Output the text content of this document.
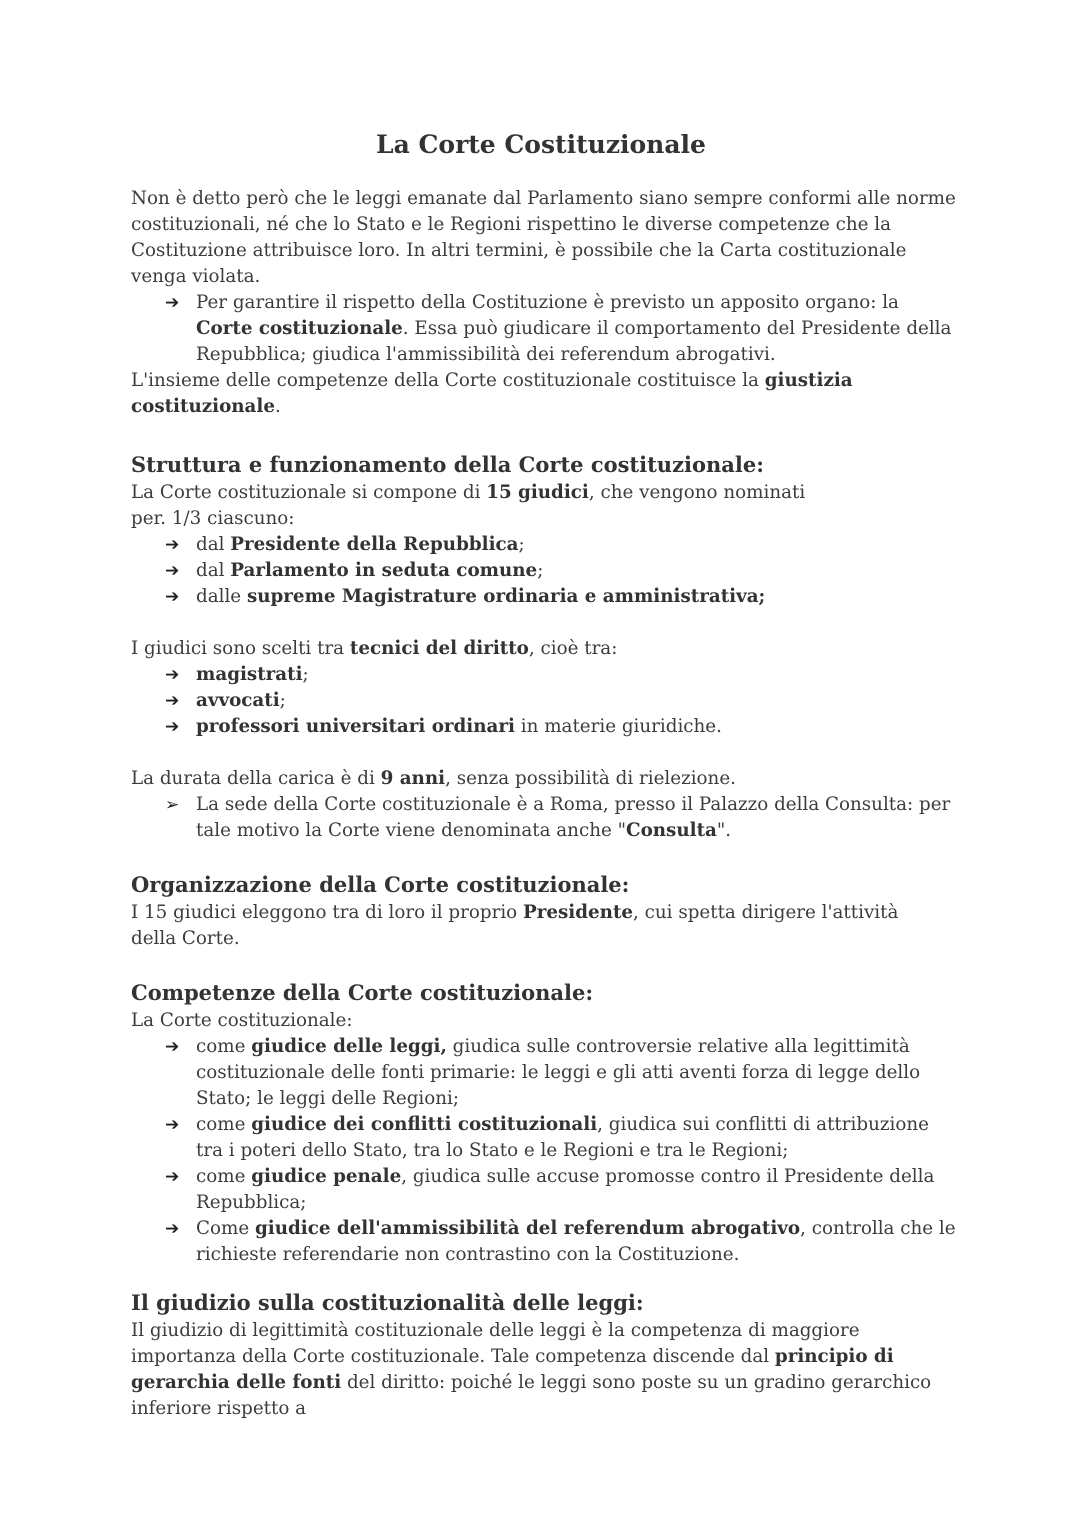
La Corte Costituzionale

Non è detto però che le leggi emanate dal Parlamento siano sempre conformi alle norme costituzionali, né che lo Stato e le Regioni rispettino le diverse competenze che la Costituzione attribuisce loro. In altri termini, è possibile che la Carta costituzionale venga violata.

➔ Per garantire il rispetto della Costituzione è previsto un apposito organo: la Corte costituzionale. Essa può giudicare il comportamento del Presidente della Repubblica; giudica l'ammissibilità dei referendum abrogativi.

L'insieme delle competenze della Corte costituzionale costituisce la giustizia costituzionale.

Struttura e funzionamento della Corte costituzionale:

La Corte costituzionale si compone di 15 giudici, che vengono nominati per. 1/3 ciascuno:

➔ dal Presidente della Repubblica;
➔ dal Parlamento in seduta comune;
➔ dalle supreme Magistrature ordinaria e amministrativa;

I giudici sono scelti tra tecnici del diritto, cioè tra:

➔ magistrati;
➔ avvocati;
➔ professori universitari ordinari in materie giuridiche.

La durata della carica è di 9 anni, senza possibilità di rielezione.

➢ La sede della Corte costituzionale è a Roma, presso il Palazzo della Consulta: per tale motivo la Corte viene denominata anche "Consulta".
Organizzazione della Corte costituzionale:

I 15 giudici eleggono tra di loro il proprio Presidente, cui spetta dirigere l'attività della Corte.

Competenze della Corte costituzionale:

La Corte costituzionale:

➔ come giudice delle leggi, giudica sulle controversie relative alla legittimità costituzionale delle fonti primarie: le leggi e gli atti aventi forza di legge dello Stato; le leggi delle Regioni;
➔ come giudice dei conflitti costituzionali, giudica sui conflitti di attribuzione tra i poteri dello Stato, tra lo Stato e le Regioni e tra le Regioni;
➔ come giudice penale, giudica sulle accuse promosse contro il Presidente della Repubblica;
➔ Come giudice dell'ammissibilità del referendum abrogativo, controlla che le richieste referendarie non contrastino con la Costituzione.
Il giudizio sulla costituzionalità delle leggi:

Il giudizio di legittimità costituzionale delle leggi è la competenza di maggiore importanza della Corte costituzionale. Tale competenza discende dal principio di gerarchia delle fonti del diritto: poiché le leggi sono poste su un gradino gerarchico inferiore rispetto a
